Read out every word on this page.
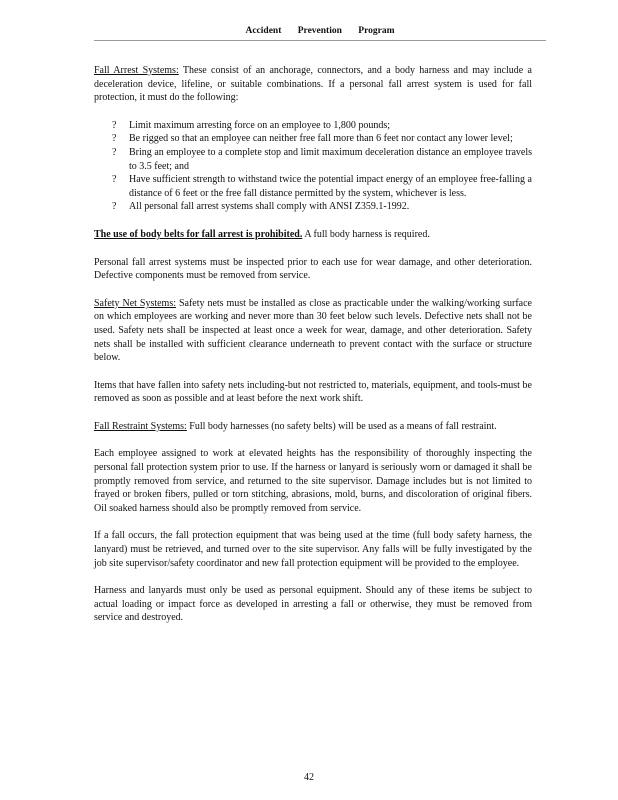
Accident Prevention Program

Fall Arrest Systems: These consist of an anchorage, connectors, and a body harness and may include a deceleration device, lifeline, or suitable combinations. If a personal fall arrest system is used for fall protection, it must do the following:

? Limit maximum arresting force on an employee to 1,800 pounds;
? Be rigged so that an employee can neither free fall more than 6 feet nor contact any lower level;
? Bring an employee to a complete stop and limit maximum deceleration distance an employee travels to 3.5 feet; and
? Have sufficient strength to withstand twice the potential impact energy of an employee free-falling a distance of 6 feet or the free fall distance permitted by the system, whichever is less.
? All personal fall arrest systems shall comply with ANSI Z359.1-1992.

The use of body belts for fall arrest is prohibited. A full body harness is required.

Personal fall arrest systems must be inspected prior to each use for wear damage, and other deterioration. Defective components must be removed from service.

Safety Net Systems: Safety nets must be installed as close as practicable under the walking/working surface on which employees are working and never more than 30 feet below such levels. Defective nets shall not be used. Safety nets shall be inspected at least once a week for wear, damage, and other deterioration. Safety nets shall be installed with sufficient clearance underneath to prevent contact with the surface or structure below.

Items that have fallen into safety nets including-but not restricted to, materials, equipment, and tools-must be removed as soon as possible and at least before the next work shift.

Fall Restraint Systems: Full body harnesses (no safety belts) will be used as a means of fall restraint.

Each employee assigned to work at elevated heights has the responsibility of thoroughly inspecting the personal fall protection system prior to use. If the harness or lanyard is seriously worn or damaged it shall be promptly removed from service, and returned to the site supervisor. Damage includes but is not limited to frayed or broken fibers, pulled or torn stitching, abrasions, mold, burns, and discoloration of original fibers. Oil soaked harness should also be promptly removed from service.

If a fall occurs, the fall protection equipment that was being used at the time (full body safety harness, the lanyard) must be retrieved, and turned over to the site supervisor. Any falls will be fully investigated by the job site supervisor/safety coordinator and new fall protection equipment will be provided to the employee.

Harness and lanyards must only be used as personal equipment. Should any of these items be subject to actual loading or impact force as developed in arresting a fall or otherwise, they must be removed from service and destroyed.

42
